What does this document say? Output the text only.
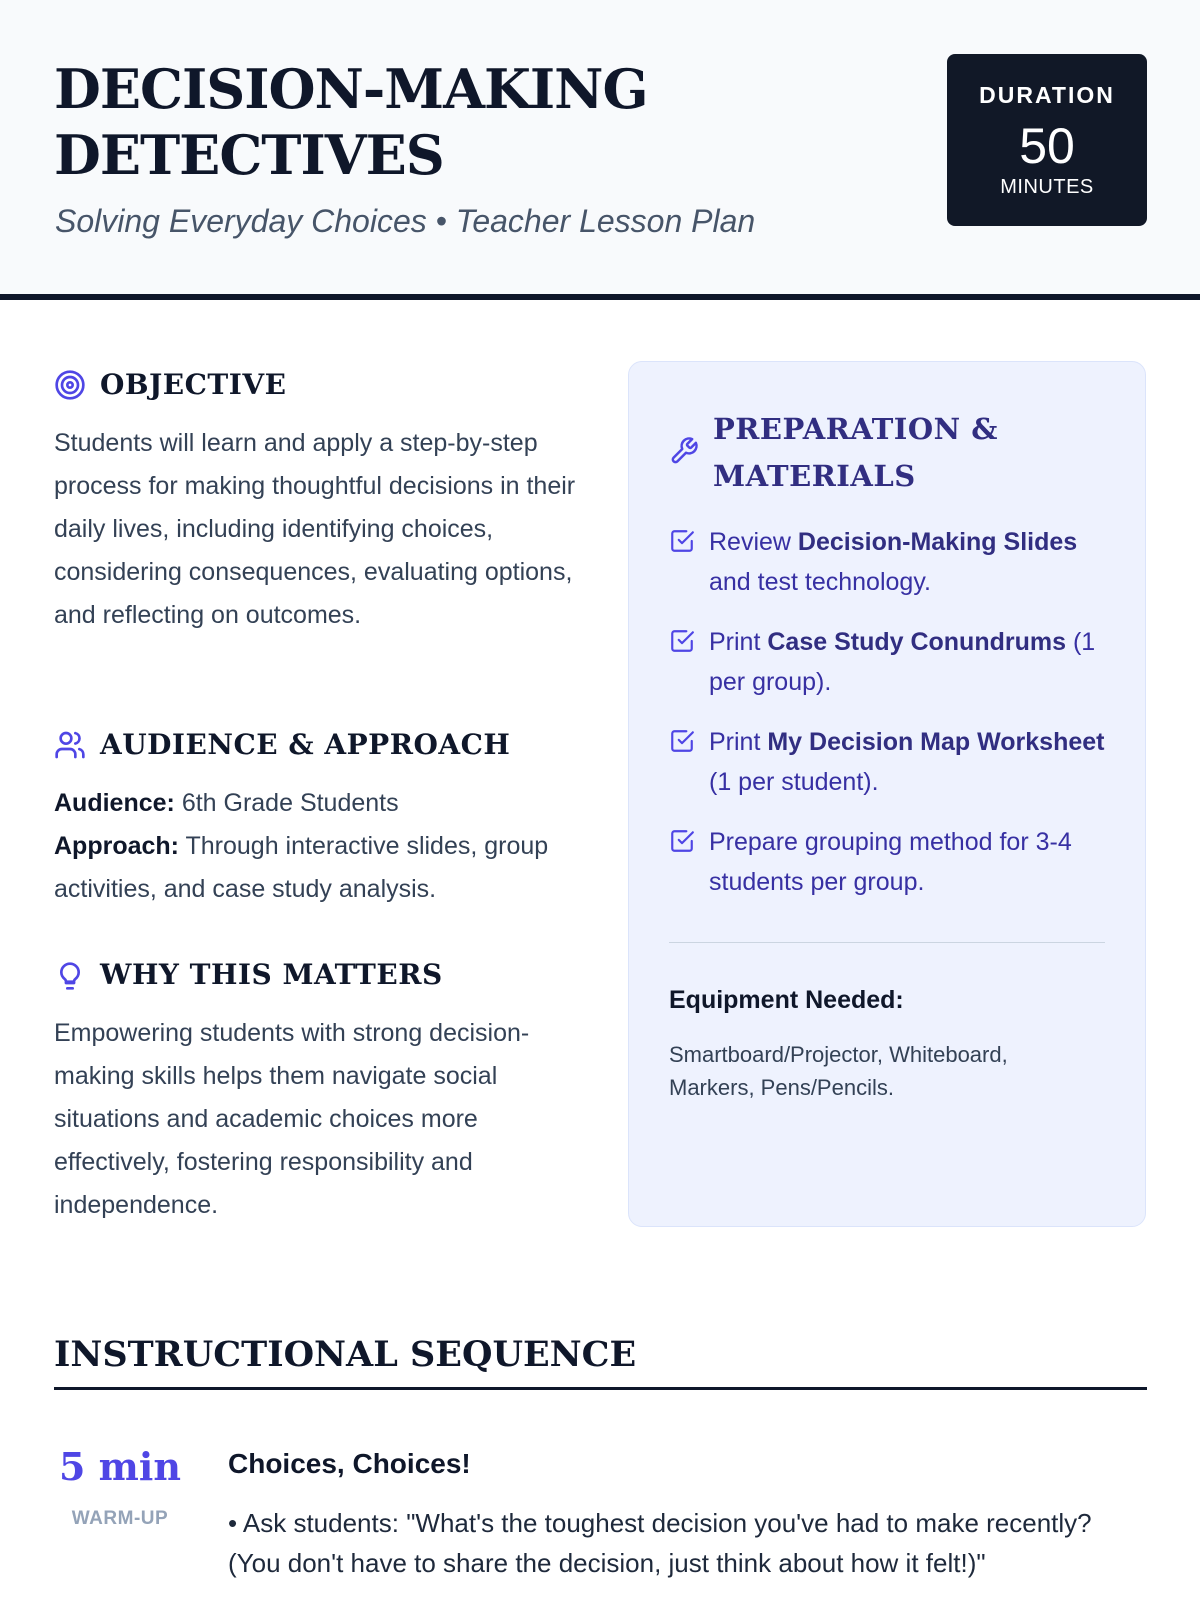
DECISION-MAKING
DETECTIVES
Solving Everyday Choices • Teacher Lesson Plan
DURATION
50
MINUTES
OBJECTIVE
Students will learn and apply a step-by-step process for making thoughtful decisions in their daily lives, including identifying choices, considering consequences, evaluating options, and reflecting on outcomes.
AUDIENCE & APPROACH
Audience: 6th Grade Students
Approach: Through interactive slides, group activities, and case study analysis.
WHY THIS MATTERS
Empowering students with strong decision-making skills helps them navigate social situations and academic choices more effectively, fostering responsibility and independence.
PREPARATION &
MATERIALS
Review Decision-Making Slides and test technology.
Print Case Study Conundrums (1 per group).
Print My Decision Map Worksheet (1 per student).
Prepare grouping method for 3-4 students per group.
Equipment Needed:
Smartboard/Projector, Whiteboard, Markers, Pens/Pencils.
INSTRUCTIONAL SEQUENCE
5 min
WARM-UP
Choices, Choices!
• Ask students: "What's the toughest decision you've had to make recently? (You don't have to share the decision, just think about how it felt!)"
